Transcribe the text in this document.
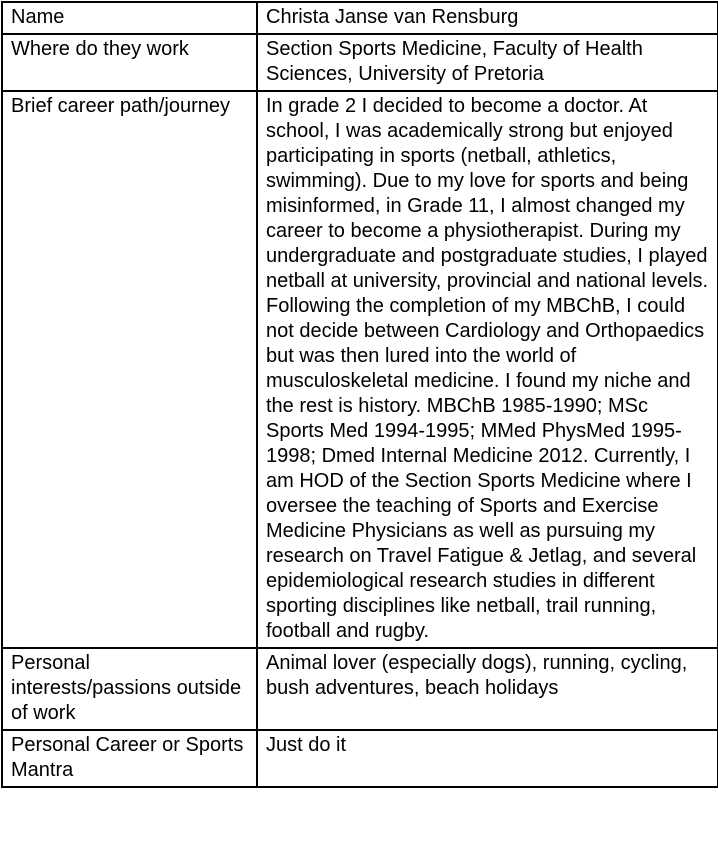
Name	Christa Janse van Rensburg
Where do they work	Section Sports Medicine, Faculty of Health Sciences, University of Pretoria
Brief career path/journey	In grade 2 I decided to become a doctor. At school, I was academically strong but enjoyed participating in sports (netball, athletics, swimming). Due to my love for sports and being misinformed, in Grade 11, I almost changed my career to become a physiotherapist. During my undergraduate and postgraduate studies, I played netball at university, provincial and national levels. Following the completion of my MBChB, I could not decide between Cardiology and Orthopaedics but was then lured into the world of musculoskeletal medicine. I found my niche and the rest is history. MBChB 1985-1990; MSc Sports Med 1994-1995; MMed PhysMed 1995-1998; Dmed Internal Medicine 2012. Currently, I am HOD of the Section Sports Medicine where I oversee the teaching of Sports and Exercise Medicine Physicians as well as pursuing my research on Travel Fatigue & Jetlag, and several epidemiological research studies in different sporting disciplines like netball, trail running, football and rugby.
Personal interests/passions outside of work	Animal lover (especially dogs), running, cycling, bush adventures, beach holidays
Personal Career or Sports Mantra	Just do it
